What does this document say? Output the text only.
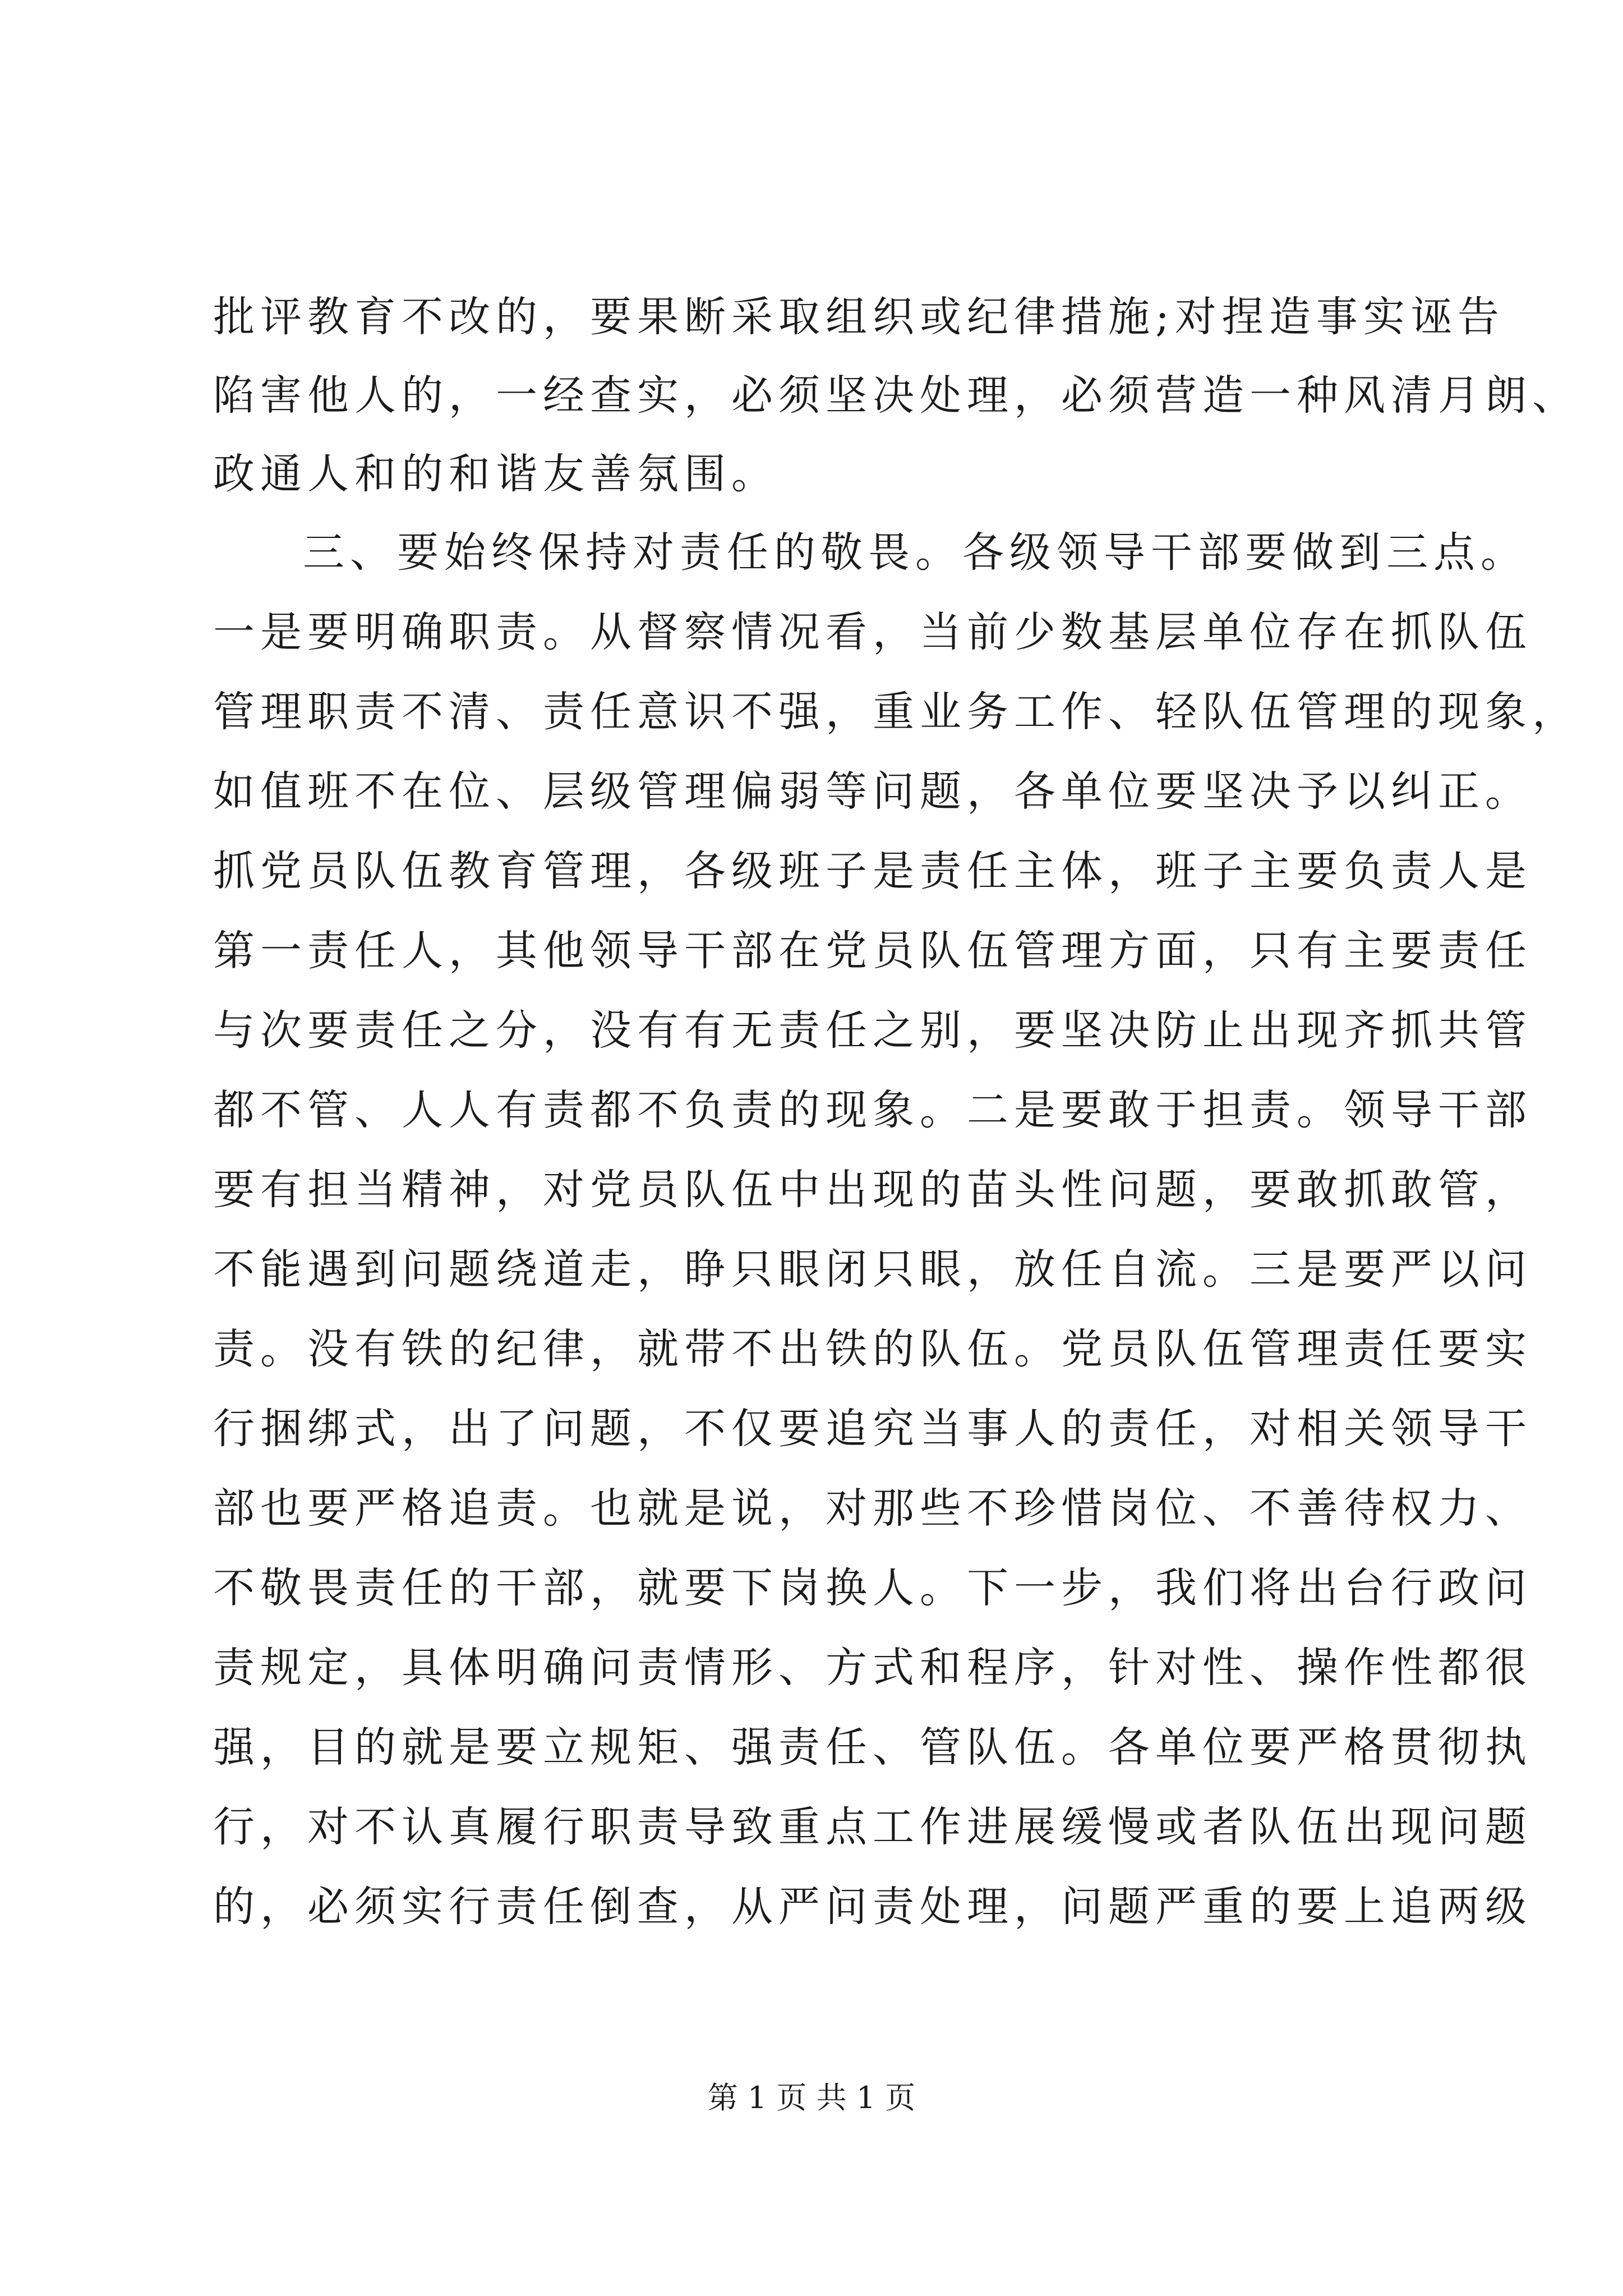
批评教育不改的，要果断采取组织或纪律措施;对捏造事实诬告
陷害他人的，一经查实，必须坚决处理，必须营造一种风清月朗、
政通人和的和谐友善氛围。
三、要始终保持对责任的敬畏。各级领导干部要做到三点。
一是要明确职责。从督察情况看，当前少数基层单位存在抓队伍
管理职责不清、责任意识不强，重业务工作、轻队伍管理的现象，
如值班不在位、层级管理偏弱等问题，各单位要坚决予以纠正。
抓党员队伍教育管理，各级班子是责任主体，班子主要负责人是
第一责任人，其他领导干部在党员队伍管理方面，只有主要责任
与次要责任之分，没有有无责任之别，要坚决防止出现齐抓共管
都不管、人人有责都不负责的现象。二是要敢于担责。领导干部
要有担当精神，对党员队伍中出现的苗头性问题，要敢抓敢管，
不能遇到问题绕道走，睁只眼闭只眼，放任自流。三是要严以问
责。没有铁的纪律，就带不出铁的队伍。党员队伍管理责任要实
行捆绑式，出了问题，不仅要追究当事人的责任，对相关领导干
部也要严格追责。也就是说，对那些不珍惜岗位、不善待权力、
不敬畏责任的干部，就要下岗换人。下一步，我们将出台行政问
责规定，具体明确问责情形、方式和程序，针对性、操作性都很
强，目的就是要立规矩、强责任、管队伍。各单位要严格贯彻执
行，对不认真履行职责导致重点工作进展缓慢或者队伍出现问题
的，必须实行责任倒查，从严问责处理，问题严重的要上追两级
第 1 页 共 1 页
